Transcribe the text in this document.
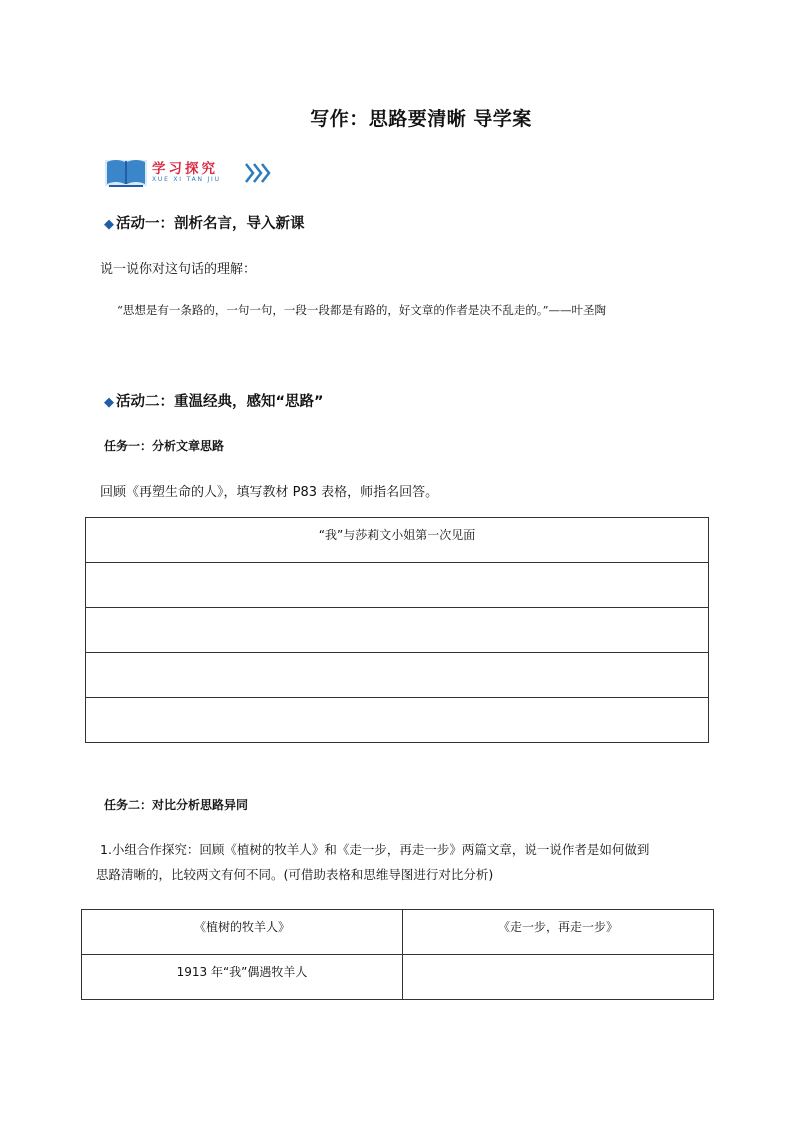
写作：思路要清晰 导学案
学习探究
XUE XI TAN JIU
◆ 活动一：剖析名言，导入新课
说一说你对这句话的理解：
“思想是有一条路的，一句一句，一段一段都是有路的，好文章的作者是决不乱走的。”——叶圣陶
◆ 活动二：重温经典，感知“思路”
任务一：分析文章思路
回顾《再塑生命的人》，填写教材 P83 表格，师指名回答。
“我”与莎莉文小姐第一次见面

任务二：对比分析思路异同
1.小组合作探究：回顾《植树的牧羊人》和《走一步，再走一步》两篇文章，说一说作者是如何做到
思路清晰的，比较两文有何不同。(可借助表格和思维导图进行对比分析)
《植树的牧羊人》	《走一步，再走一步》
1913 年“我”偶遇牧羊人	
